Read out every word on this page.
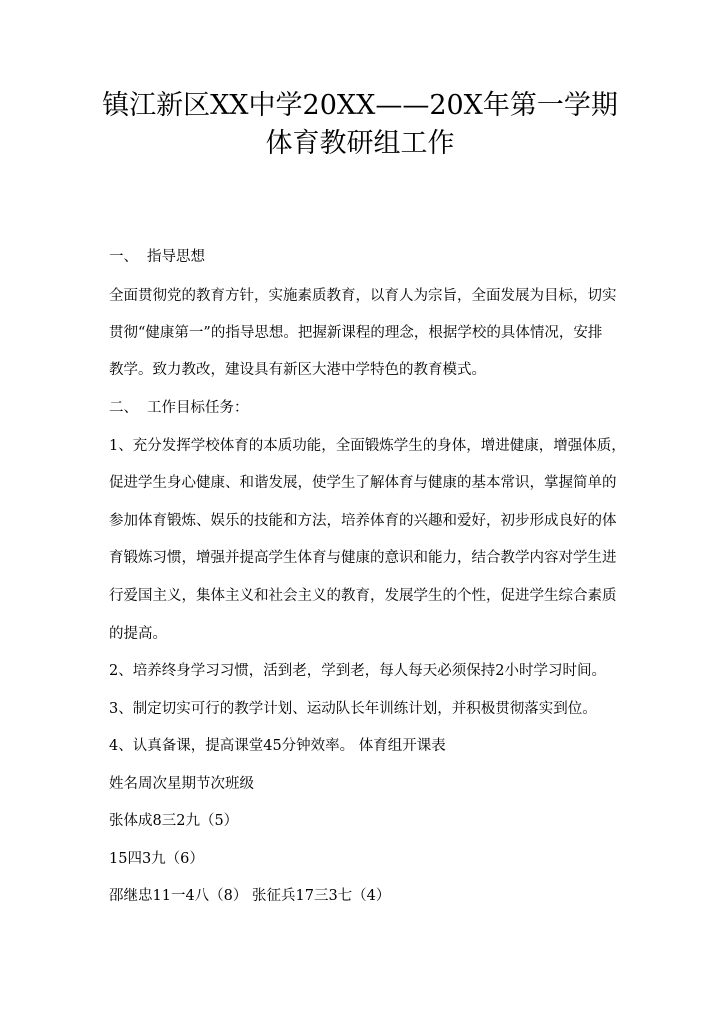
镇江新区XX中学20XX——20X年第一学期
体育教研组工作
一、 指导思想
全面贯彻党的教育方针，实施素质教育，以育人为宗旨，全面发展为目标，切实
贯彻“健康第一”的指导思想。把握新课程的理念，根据学校的具体情况，安排
教学。致力教改，建设具有新区大港中学特色的教育模式。
二、 工作目标任务：
1、充分发挥学校体育的本质功能，全面锻炼学生的身体，增进健康，增强体质，
促进学生身心健康、和谐发展，使学生了解体育与健康的基本常识，掌握简单的
参加体育锻炼、娱乐的技能和方法，培养体育的兴趣和爱好，初步形成良好的体
育锻炼习惯，增强并提高学生体育与健康的意识和能力，结合教学内容对学生进
行爱国主义，集体主义和社会主义的教育，发展学生的个性，促进学生综合素质
的提高。
2、培养终身学习习惯，活到老，学到老，每人每天必须保持2小时学习时间。
3、制定切实可行的教学计划、运动队长年训练计划，并积极贯彻落实到位。
4、认真备课，提高课堂45分钟效率。 体育组开课表
姓名周次星期节次班级
张体成8三2九（5）
15四3九（6）
邵继忠11一4八（8） 张征兵17三3七（4）
